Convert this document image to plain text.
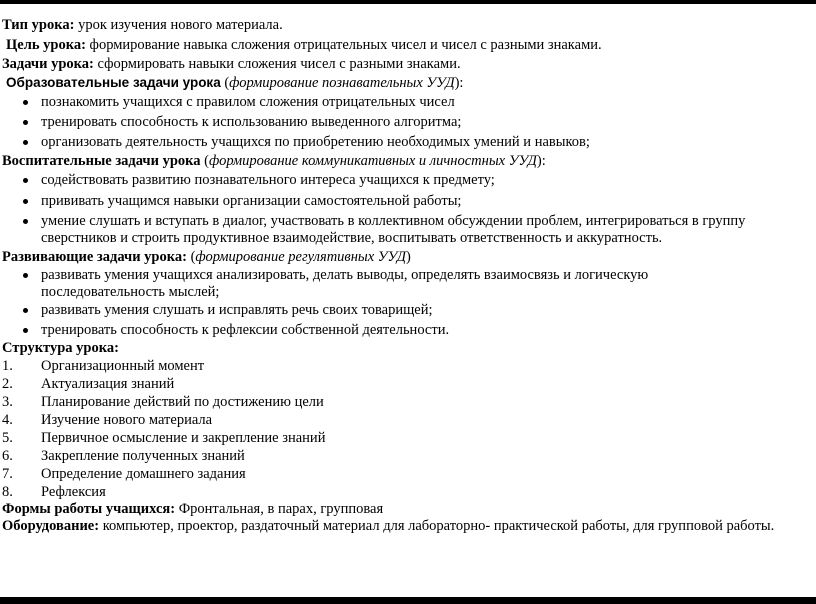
Тип урока: урок изучения нового материала.
Цель урока: формирование навыка сложения отрицательных чисел и чисел с разными знаками.
Задачи урока: сформировать навыки сложения чисел с разными знаками.
Образовательные задачи урока (формирование познавательных УУД):
познакомить учащихся с правилом сложения отрицательных чисел
тренировать способность к использованию выведенного алгоритма;
организовать деятельность учащихся по приобретению необходимых умений и навыков;
Воспитательные задачи урока (формирование коммуникативных и личностных УУД):
содействовать развитию познавательного интереса учащихся к предмету;
прививать учащимся навыки организации самостоятельной работы;
умение слушать и вступать в диалог, участвовать в коллективном обсуждении проблем, интегрироваться в группу
сверстников и строить продуктивное взаимодействие, воспитывать ответственность и аккуратность.
Развивающие задачи урока: (формирование регулятивных УУД)
развивать умения учащихся анализировать, делать выводы, определять взаимосвязь и логическую
последовательность мыслей;
развивать умения слушать и исправлять речь своих товарищей;
тренировать способность к рефлексии собственной деятельности.
Структура урока:
1. Организационный момент
2. Актуализация знаний
3. Планирование действий по достижению цели
4. Изучение нового материала
5. Первичное осмысление и закрепление знаний
6. Закрепление полученных знаний
7. Определение домашнего задания
8. Рефлексия
Формы работы учащихся: Фронтальная, в парах, групповая
Оборудование: компьютер, проектор, раздаточный материал для лабораторно- практической работы, для групповой работы.
